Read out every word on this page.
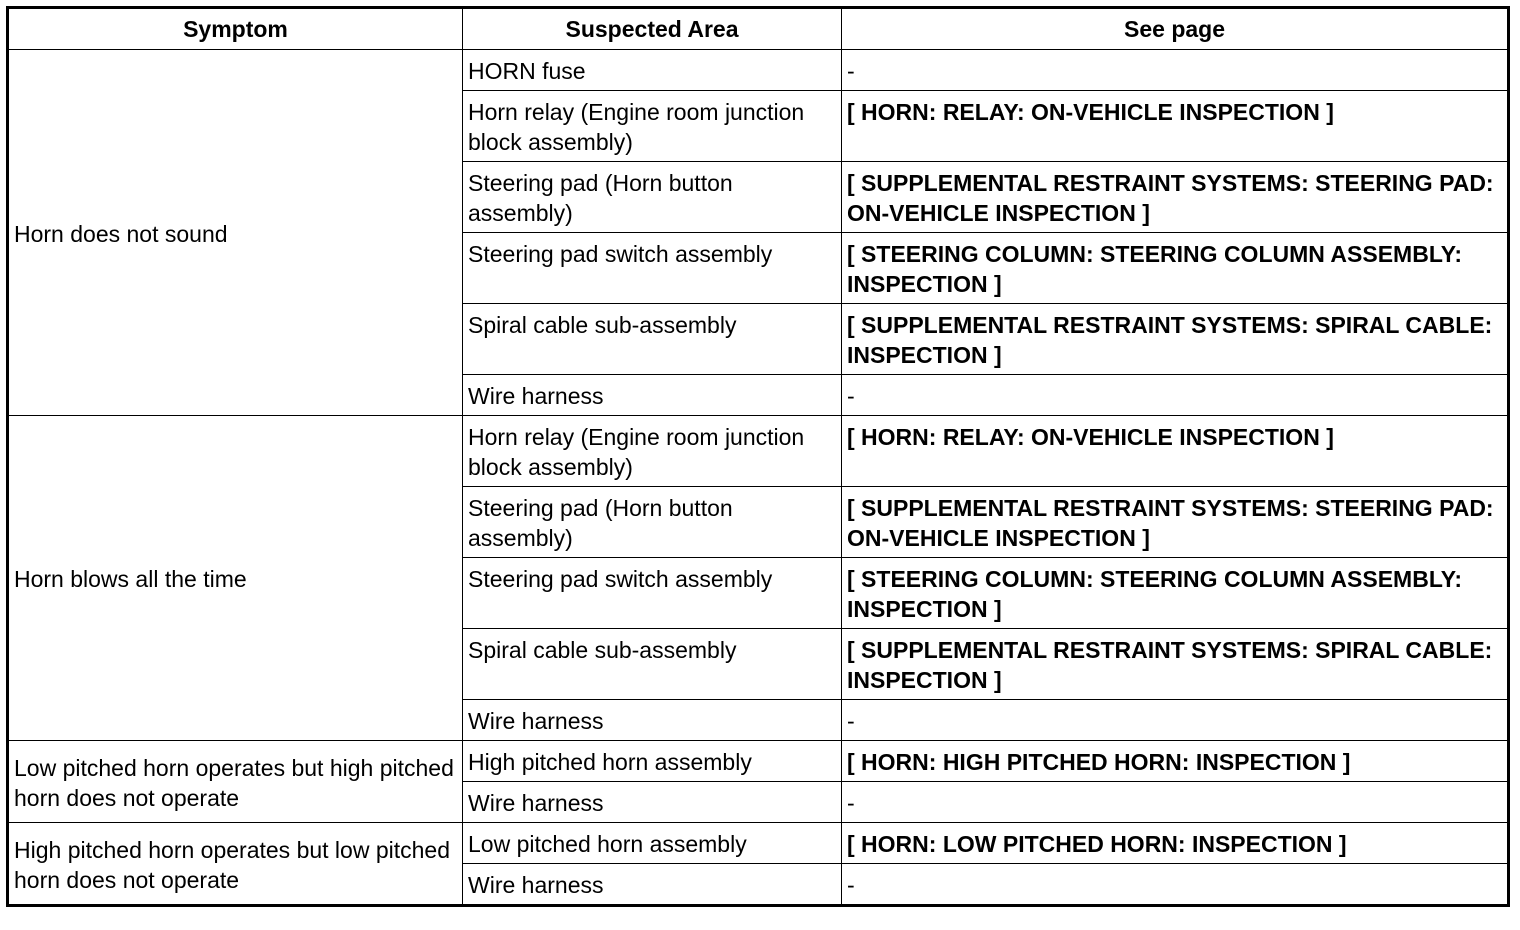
Symptom	Suspected Area	See page
Horn does not sound	HORN fuse	-
	Horn relay (Engine room junction block assembly)	[ HORN: RELAY: ON-VEHICLE INSPECTION ]
	Steering pad (Horn button assembly)	[ SUPPLEMENTAL RESTRAINT SYSTEMS: STEERING PAD: ON-VEHICLE INSPECTION ]
	Steering pad switch assembly	[ STEERING COLUMN: STEERING COLUMN ASSEMBLY: INSPECTION ]
	Spiral cable sub-assembly	[ SUPPLEMENTAL RESTRAINT SYSTEMS: SPIRAL CABLE: INSPECTION ]
	Wire harness	-
Horn blows all the time	Horn relay (Engine room junction block assembly)	[ HORN: RELAY: ON-VEHICLE INSPECTION ]
	Steering pad (Horn button assembly)	[ SUPPLEMENTAL RESTRAINT SYSTEMS: STEERING PAD: ON-VEHICLE INSPECTION ]
	Steering pad switch assembly	[ STEERING COLUMN: STEERING COLUMN ASSEMBLY: INSPECTION ]
	Spiral cable sub-assembly	[ SUPPLEMENTAL RESTRAINT SYSTEMS: SPIRAL CABLE: INSPECTION ]
	Wire harness	-
Low pitched horn operates but high pitched horn does not operate	High pitched horn assembly	[ HORN: HIGH PITCHED HORN: INSPECTION ]
	Wire harness	-
High pitched horn operates but low pitched horn does not operate	Low pitched horn assembly	[ HORN: LOW PITCHED HORN: INSPECTION ]
	Wire harness	-
